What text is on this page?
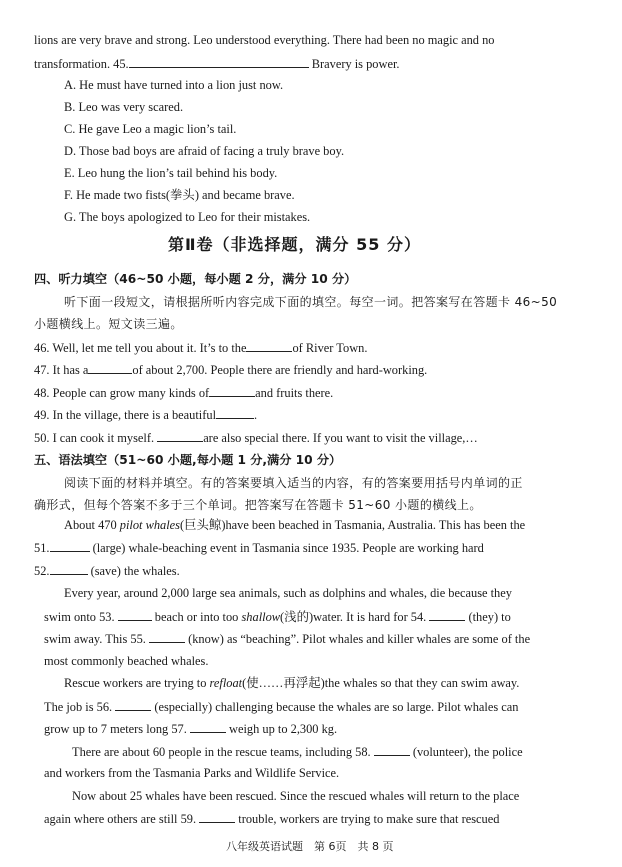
lions are very brave and strong. Leo understood everything. There had been no magic and no
transformation. 45.	Bravery is power.
A. He must have turned into a lion just now.
B. Leo was very scared.
C. He gave Leo a magic lion’s tail.
D. Those bad boys are afraid of facing a truly brave boy.
E. Leo hung the lion’s tail behind his body.
F. He made two fists(拳头) and became brave.
G. The boys apologized to Leo for their mistakes.
第Ⅱ卷（非选择题，满分 55 分）
四、听力填空（46~50 小题，每小题 2 分，满分 10 分）
听下面一段短文，请根据所听内容完成下面的填空。每空一词。把答案写在答题卡 46~50
小题横线上。短文读三遍。
46. Well, let me tell you about it. It’s to the	of River Town.
47. It has a	of about 2,700. People there are friendly and hard-working.
48. People can grow many kinds of	and fruits there.
49. In the village, there is a beautiful	.
50. I can cook it myself.	are also special there. If you want to visit the village,…
五、语法填空（51~60 小题,每小题 1 分,满分 10 分）
阅读下面的材料并填空。有的答案要填入适当的内容，有的答案要用括号内单词的正
确形式，但每个答案不多于三个单词。把答案写在答题卡 51~60 小题的横线上。
About 470 pilot whales(巨头鲸)have been beached in Tasmania, Australia. This has been the
51.	(large) whale-beaching event in Tasmania since 1935. People are working hard
52.	(save) the whales.
Every year, around 2,000 large sea animals, such as dolphins and whales, die because they
swim onto 53.	beach or into too shallow(浅的)water. It is hard for 54.	(they) to
swim away. This 55.	(know) as “beaching”. Pilot whales and killer whales are some of the
most commonly beached whales.
Rescue workers are trying to refloat(使……再浮起)the whales so that they can swim away.
The job is 56.	(especially) challenging because the whales are so large. Pilot whales can
grow up to 7 meters long 57.	weigh up to 2,300 kg.
There are about 60 people in the rescue teams, including 58.	(volunteer), the police
and workers from the Tasmania Parks and Wildlife Service.
Now about 25 whales have been rescued. Since the rescued whales will return to the place
again where others are still 59.	trouble, workers are trying to make sure that rescued
八年级英语试题　第 6页　共 8 页
